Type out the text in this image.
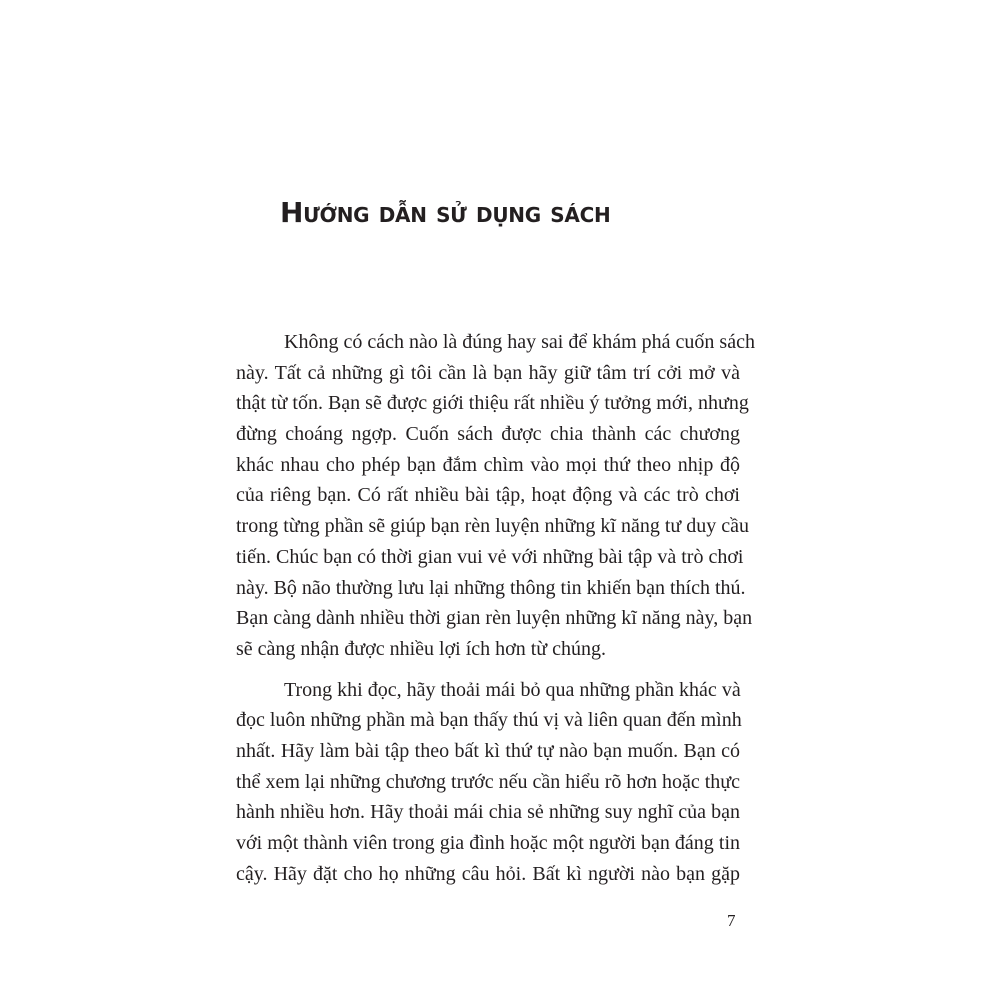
Hướng dẫn sử dụng sách
Không có cách nào là đúng hay sai để khám phá cuốn sách
này. Tất cả những gì tôi cần là bạn hãy giữ tâm trí cởi mở và
thật từ tốn. Bạn sẽ được giới thiệu rất nhiều ý tưởng mới, nhưng
đừng choáng ngợp. Cuốn sách được chia thành các chương
khác nhau cho phép bạn đắm chìm vào mọi thứ theo nhịp độ
của riêng bạn. Có rất nhiều bài tập, hoạt động và các trò chơi
trong từng phần sẽ giúp bạn rèn luyện những kĩ năng tư duy cầu
tiến. Chúc bạn có thời gian vui vẻ với những bài tập và trò chơi
này. Bộ não thường lưu lại những thông tin khiến bạn thích thú.
Bạn càng dành nhiều thời gian rèn luyện những kĩ năng này, bạn
sẽ càng nhận được nhiều lợi ích hơn từ chúng.
Trong khi đọc, hãy thoải mái bỏ qua những phần khác và
đọc luôn những phần mà bạn thấy thú vị và liên quan đến mình
nhất. Hãy làm bài tập theo bất kì thứ tự nào bạn muốn. Bạn có
thể xem lại những chương trước nếu cần hiểu rõ hơn hoặc thực
hành nhiều hơn. Hãy thoải mái chia sẻ những suy nghĩ của bạn
với một thành viên trong gia đình hoặc một người bạn đáng tin
cậy. Hãy đặt cho họ những câu hỏi. Bất kì người nào bạn gặp
7
